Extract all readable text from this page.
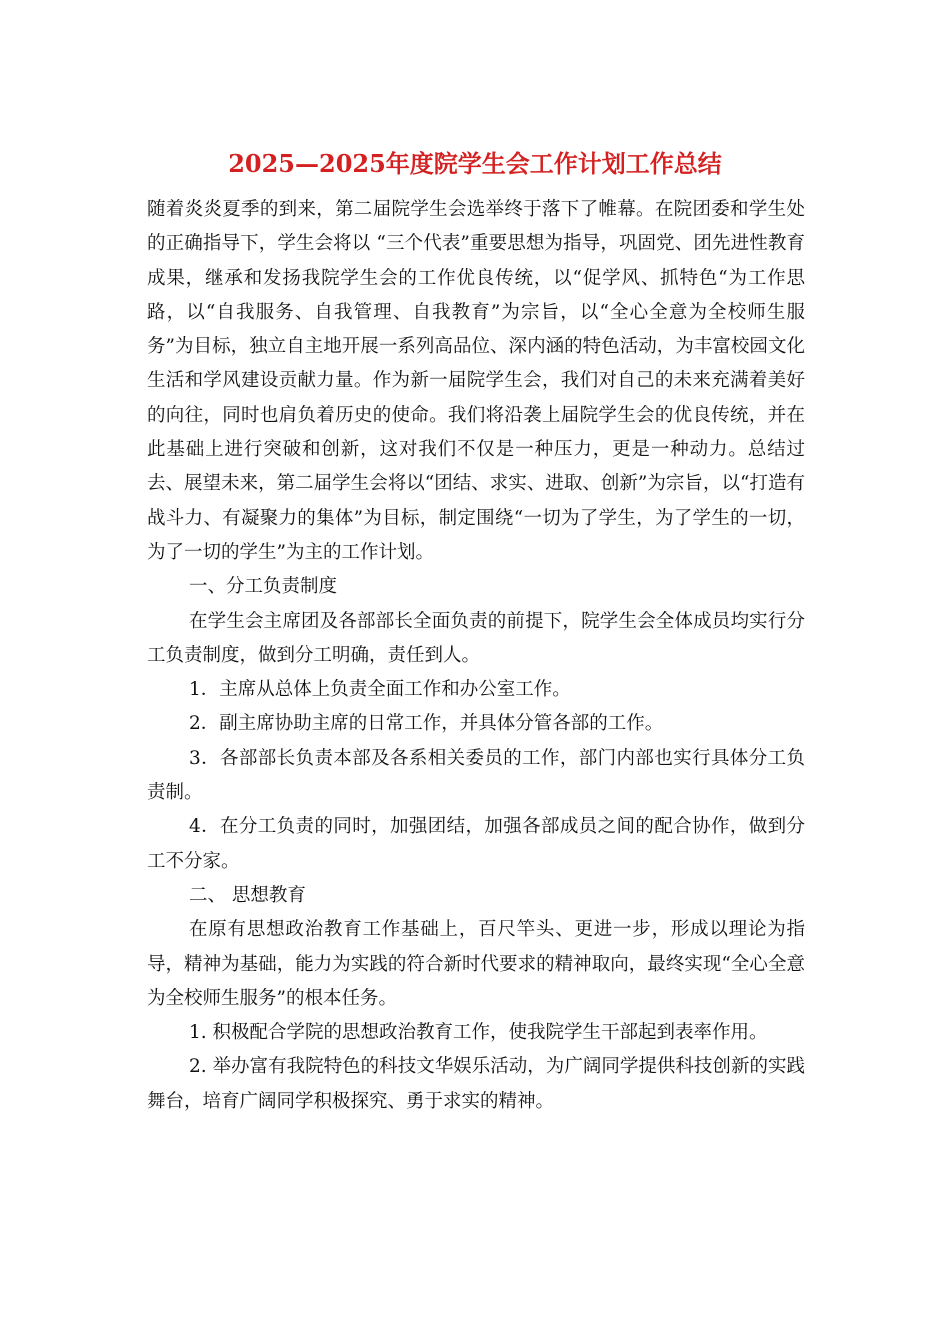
2025—2025年度院学生会工作计划工作总结

随着炎炎夏季的到来，第二届院学生会选举终于落下了帷幕。在院团委和学生处的正确指导下，学生会将以 “三个代表”重要思想为指导，巩固党、团先进性教育成果，继承和发扬我院学生会的工作优良传统，以“促学风、抓特色“为工作思路，以“自我服务、自我管理、自我教育”为宗旨，以“全心全意为全校师生服务”为目标，独立自主地开展一系列高品位、深内涵的特色活动，为丰富校园文化生活和学风建设贡献力量。作为新一届院学生会，我们对自己的未来充满着美好的向往，同时也肩负着历史的使命。我们将沿袭上届院学生会的优良传统，并在此基础上进行突破和创新，这对我们不仅是一种压力，更是一种动力。总结过去、展望未来，第二届学生会将以“团结、求实、进取、创新”为宗旨，以“打造有战斗力、有凝聚力的集体”为目标，制定围绕“一切为了学生，为了学生的一切，为了一切的学生”为主的工作计划。

一、分工负责制度

在学生会主席团及各部部长全面负责的前提下，院学生会全体成员均实行分工负责制度，做到分工明确，责任到人。

1．主席从总体上负责全面工作和办公室工作。

2．副主席协助主席的日常工作，并具体分管各部的工作。

3．各部部长负责本部及各系相关委员的工作，部门内部也实行具体分工负责制。

4．在分工负责的同时，加强团结，加强各部成员之间的配合协作，做到分工不分家。

二、 思想教育

在原有思想政治教育工作基础上，百尺竿头、更进一步，形成以理论为指导，精神为基础，能力为实践的符合新时代要求的精神取向，最终实现“全心全意为全校师生服务”的根本任务。

1. 积极配合学院的思想政治教育工作，使我院学生干部起到表率作用。

2. 举办富有我院特色的科技文华娱乐活动，为广阔同学提供科技创新的实践舞台，培育广阔同学积极探究、勇于求实的精神。
